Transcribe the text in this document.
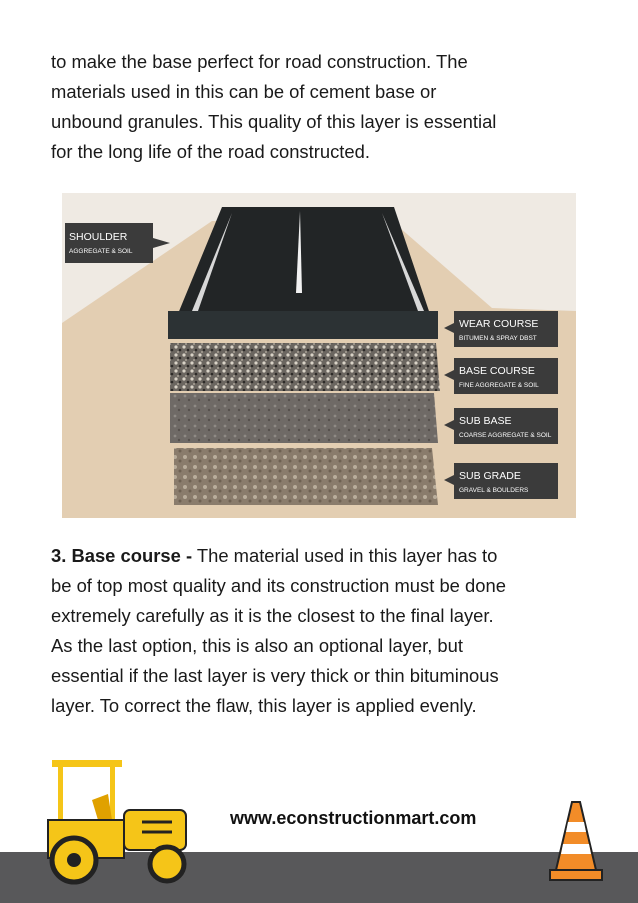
to make the base perfect for road construction. The
materials used in this can be of cement base or
unbound granules. This quality of this layer is essential
for the long life of the road constructed.

SHOULDER
AGGREGATE & SOIL
WEAR COURSE
BITUMEN & SPRAY DBST
BASE COURSE
FINE AGGREGATE & SOIL
SUB BASE
COARSE AGGREGATE & SOIL
SUB GRADE
GRAVEL & BOULDERS

3. Base course - The material used in this layer has to
be of top most quality and its construction must be done
extremely carefully as it is the closest to the final layer.
As the last option, this is also an optional layer, but
essential if the last layer is very thick or thin bituminous
layer. To correct the flaw, this layer is applied evenly.

www.econstructionmart.com
